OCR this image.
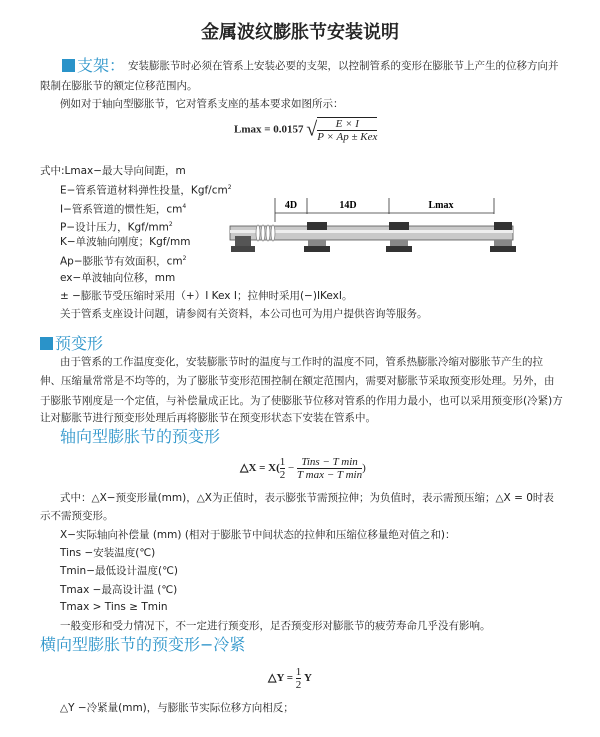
金属波纹膨胀节安装说明
支架： 安装膨胀节时必须在管系上安装必要的支架，以控制管系的变形在膨胀节上产生的位移方向并
限制在膨胀节的额定位移范围内。
例如对于轴向型膨胀节，它对管系支座的基本要求如图所示：
Lmax = 0.0157 √ $\frac{E \times I}{\text{P × Ap ± Kex}}$
式中:Lmax−最大导向间距，m
E−管系管道材料弹性投量，Kgf/$cm^2$
I−管系管道的惯性矩，$cm^4$
P−设计压力，Kgf/$mm^2$
K−单波轴向刚度；Kgf/mm
Ap−膨胀节有效面积，$cm^2$
ex−单波轴向位移，mm
± −膨胀节受压缩时采用（+）I Kex I；拉伸时采用(−)IKexI。
关于管系支座设计问题，请参阅有关资料，本公司也可为用户提供咨询等服务。
4D	14D	Lmax
预变形
由于管系的工作温度变化，安装膨胀节时的温度与工作时的温度不同，管系热膨胀冷缩对膨胀节产生的拉
伸、压缩量常常是不均等的，为了膨胀节变形范围控制在额定范围内，需要对膨胀节采取预变形处理。另外，由
于膨胀节刚度是一个定值，与补偿量成正比。为了使膨胀节位移对管系的作用力最小，也可以采用预变形(冷紧)方
让对膨胀节进行预变形处理后再将膨胀节在预变形状态下安装在管系中。
轴向型膨胀节的预变形
△X = $X( \frac{1}{2} - \frac{\text{Tins − T min}}{\text{T max − T min}}$ )
式中：△X−预变形量(mm)，△X为正值时，表示膨张节需预拉伸；为负值时，表示需预压缩；△X = 0时表
示不需预变形。
X−实际轴向补偿量 (mm) (相对于膨胀节中间状态的拉伸和压缩位移量绝对值之和)：
Tins −安装温度(℃)
Tmin−最低设计温度(℃)
Tmax −最高设计温 (℃)
Tmax > Tins ≥ Tmin
一般变形和受力情况下，不一定进行预变形，足否预变形对膨胀节的疲劳寿命几乎没有影响。
横向型膨胀节的预变形−冷紧
△Y = $\frac{1}{2}$ Y
△Y −冷紧量(mm)，与膨胀节实际位移方向相反；
